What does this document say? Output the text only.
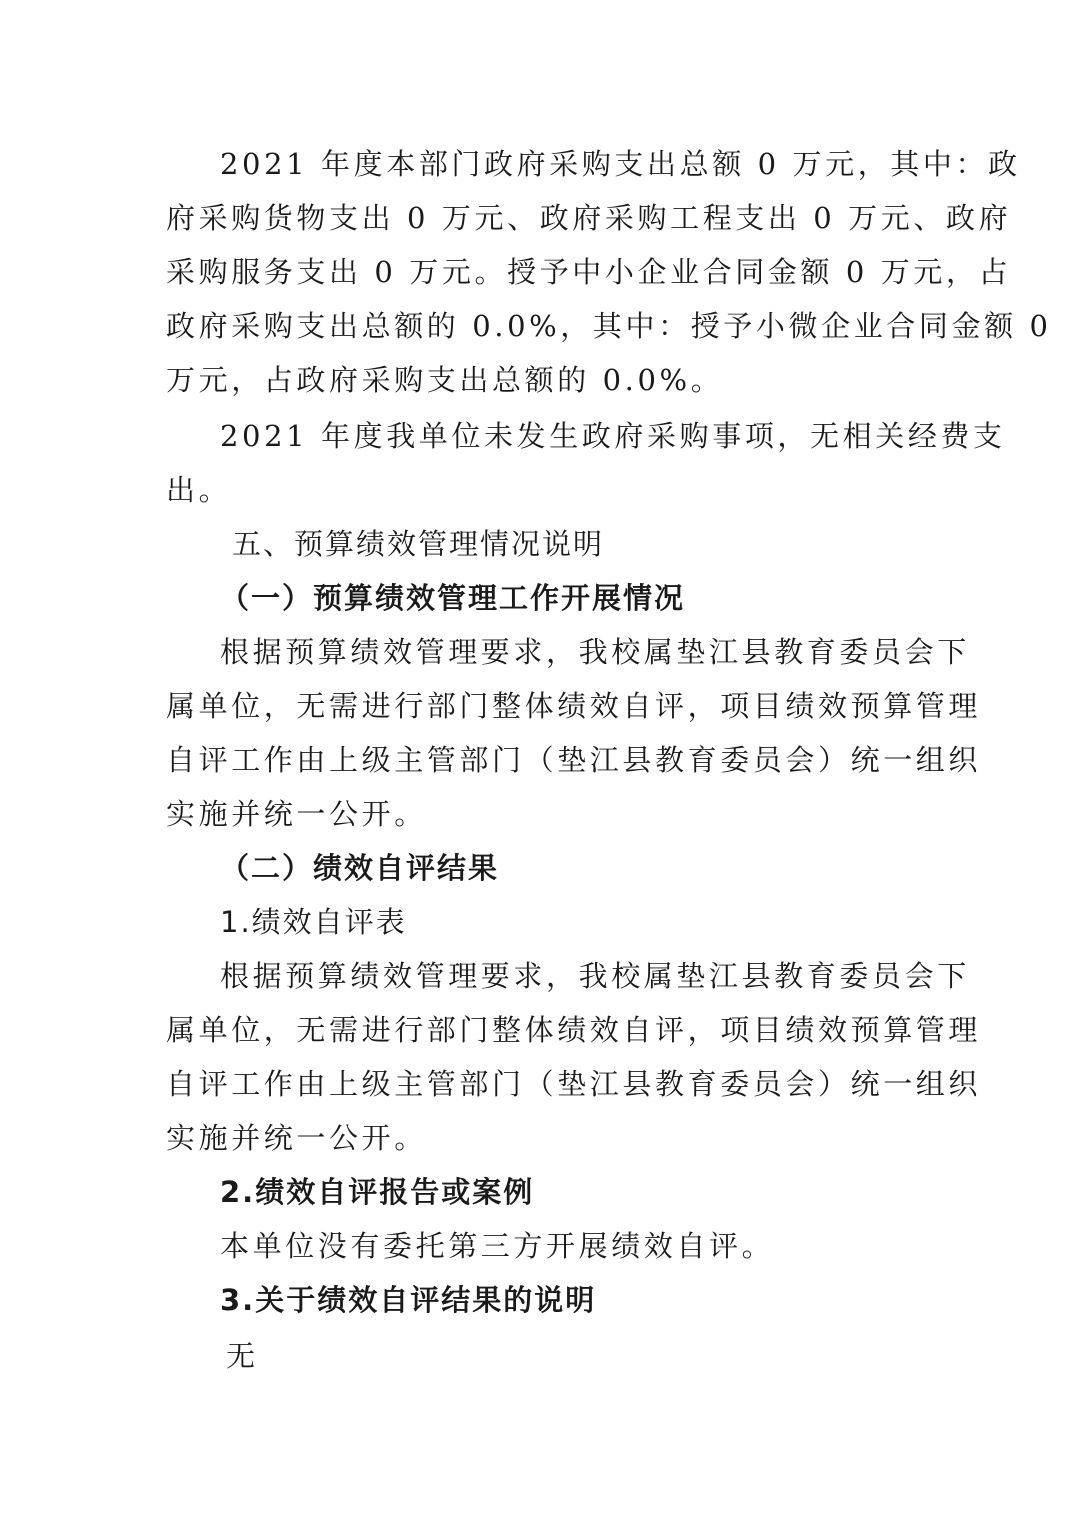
2021 年度本部门政府采购支出总额 0 万元，其中：政
府采购货物支出 0 万元、政府采购工程支出 0 万元、政府
采购服务支出 0 万元。授予中小企业合同金额 0 万元，占
政府采购支出总额的 0.0%，其中：授予小微企业合同金额 0
万元，占政府采购支出总额的 0.0%。
2021 年度我单位未发生政府采购事项，无相关经费支
出。
五、预算绩效管理情况说明
（一）预算绩效管理工作开展情况
根据预算绩效管理要求，我校属垫江县教育委员会下
属单位，无需进行部门整体绩效自评，项目绩效预算管理
自评工作由上级主管部门（垫江县教育委员会）统一组织
实施并统一公开。
（二）绩效自评结果
1.绩效自评表
根据预算绩效管理要求，我校属垫江县教育委员会下
属单位，无需进行部门整体绩效自评，项目绩效预算管理
自评工作由上级主管部门（垫江县教育委员会）统一组织
实施并统一公开。
2.绩效自评报告或案例
本单位没有委托第三方开展绩效自评。
3.关于绩效自评结果的说明
无
